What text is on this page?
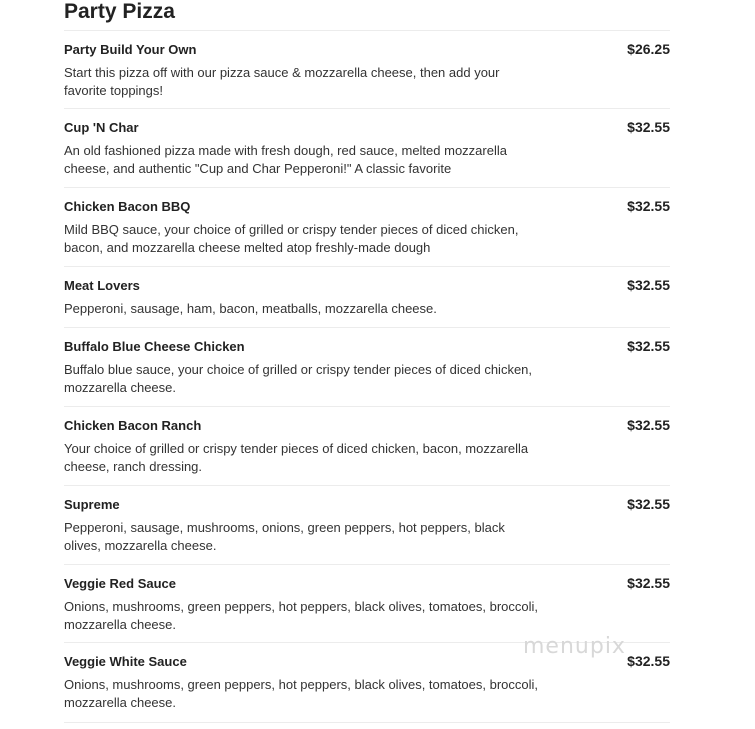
Party Pizza
Party Build Your Own	$26.25
Start this pizza off with our pizza sauce & mozzarella cheese, then add your favorite toppings!
Cup 'N Char	$32.55
An old fashioned pizza made with fresh dough, red sauce, melted mozzarella cheese, and authentic "Cup and Char Pepperoni!" A classic favorite
Chicken Bacon BBQ	$32.55
Mild BBQ sauce, your choice of grilled or crispy tender pieces of diced chicken, bacon, and mozzarella cheese melted atop freshly-made dough
Meat Lovers	$32.55
Pepperoni, sausage, ham, bacon, meatballs, mozzarella cheese.
Buffalo Blue Cheese Chicken	$32.55
Buffalo blue sauce, your choice of grilled or crispy tender pieces of diced chicken, mozzarella cheese.
Chicken Bacon Ranch	$32.55
Your choice of grilled or crispy tender pieces of diced chicken, bacon, mozzarella cheese, ranch dressing.
Supreme	$32.55
Pepperoni, sausage, mushrooms, onions, green peppers, hot peppers, black olives, mozzarella cheese.
Veggie Red Sauce	$32.55
Onions, mushrooms, green peppers, hot peppers, black olives, tomatoes, broccoli, mozzarella cheese.
Veggie White Sauce	$32.55
Onions, mushrooms, green peppers, hot peppers, black olives, tomatoes, broccoli, mozzarella cheese.
menupix
